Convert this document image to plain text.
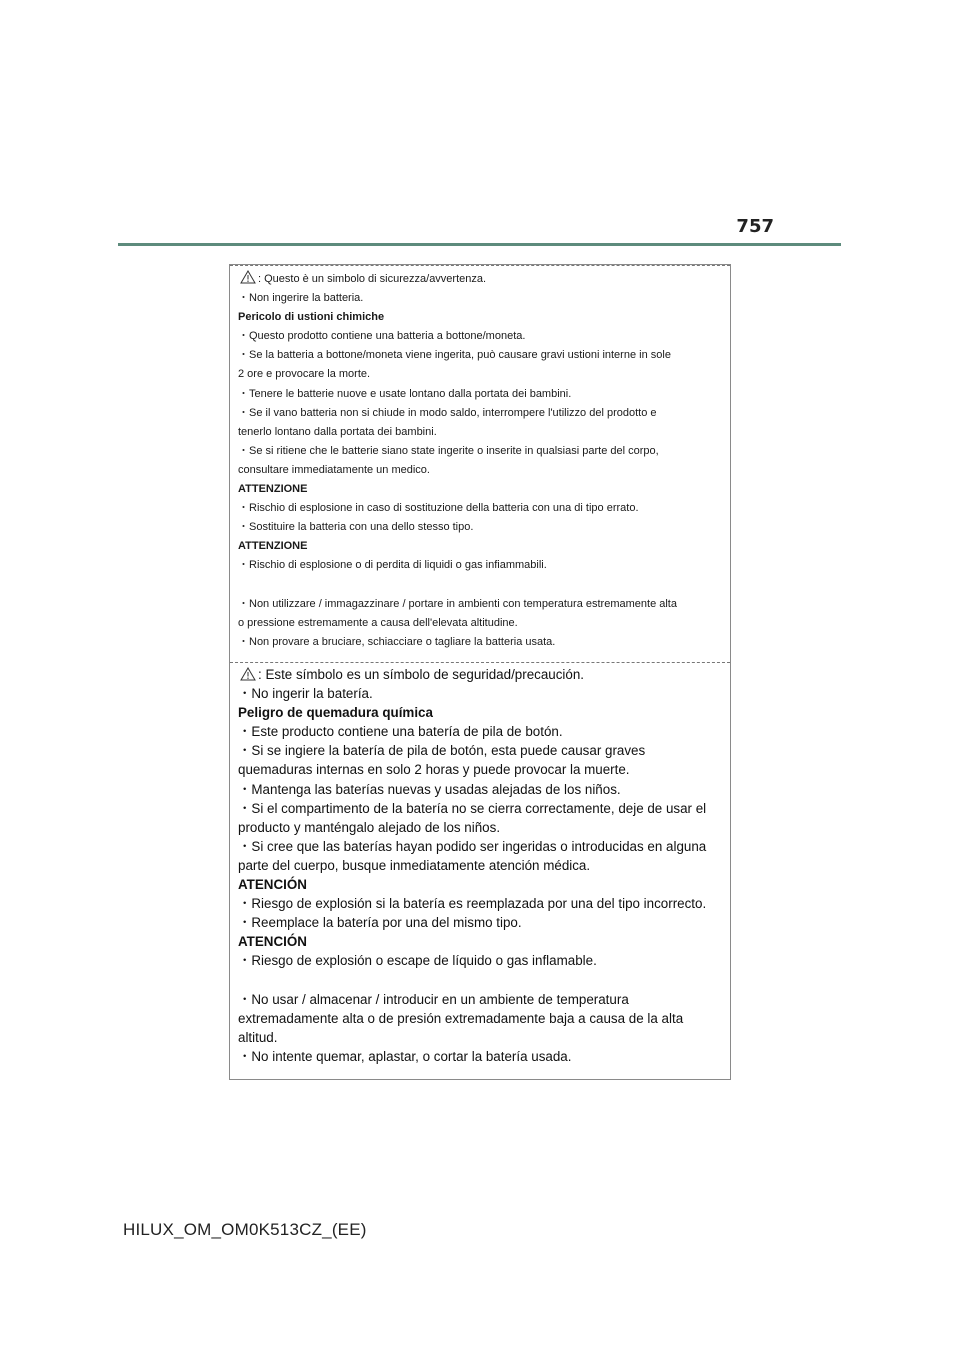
757
: Questo è un simbolo di sicurezza/avvertenza.
・Non ingerire la batteria.
Pericolo di ustioni chimiche
・Questo prodotto contiene una batteria a bottone/moneta.
・Se la batteria a bottone/moneta viene ingerita, può causare gravi ustioni interne in sole
2 ore e provocare la morte.
・Tenere le batterie nuove e usate lontano dalla portata dei bambini.
・Se il vano batteria non si chiude in modo saldo, interrompere l'utilizzo del prodotto e
tenerlo lontano dalla portata dei bambini.
・Se si ritiene che le batterie siano state ingerite o inserite in qualsiasi parte del corpo,
consultare immediatamente un medico.
ATTENZIONE
・Rischio di esplosione in caso di sostituzione della batteria con una di tipo errato.
・Sostituire la batteria con una dello stesso tipo.
ATTENZIONE
・Rischio di esplosione o di perdita di liquidi o gas infiammabili.
・Non utilizzare / immagazzinare / portare in ambienti con temperatura estremamente alta
o pressione estremamente a causa dell'elevata altitudine.
・Non provare a bruciare, schiacciare o tagliare la batteria usata.
: Este símbolo es un símbolo de seguridad/precaución.
・No ingerir la batería.
Peligro de quemadura química
・Este producto contiene una batería de pila de botón.
・Si se ingiere la batería de pila de botón, esta puede causar graves
quemaduras internas en solo 2 horas y puede provocar la muerte.
・Mantenga las baterías nuevas y usadas alejadas de los niños.
・Si el compartimento de la batería no se cierra correctamente, deje de usar el
producto y manténgalo alejado de los niños.
・Si cree que las baterías hayan podido ser ingeridas o introducidas en alguna
parte del cuerpo, busque inmediatamente atención médica.
ATENCIÓN
・Riesgo de explosión si la batería es reemplazada por una del tipo incorrecto.
・Reemplace la batería por una del mismo tipo.
ATENCIÓN
・Riesgo de explosión o escape de líquido o gas inflamable.
・No usar / almacenar / introducir en un ambiente de temperatura
extremadamente alta o de presión extremadamente baja a causa de la alta
altitud.
・No intente quemar, aplastar, o cortar la batería usada.
HILUX_OM_OM0K513CZ_(EE)
